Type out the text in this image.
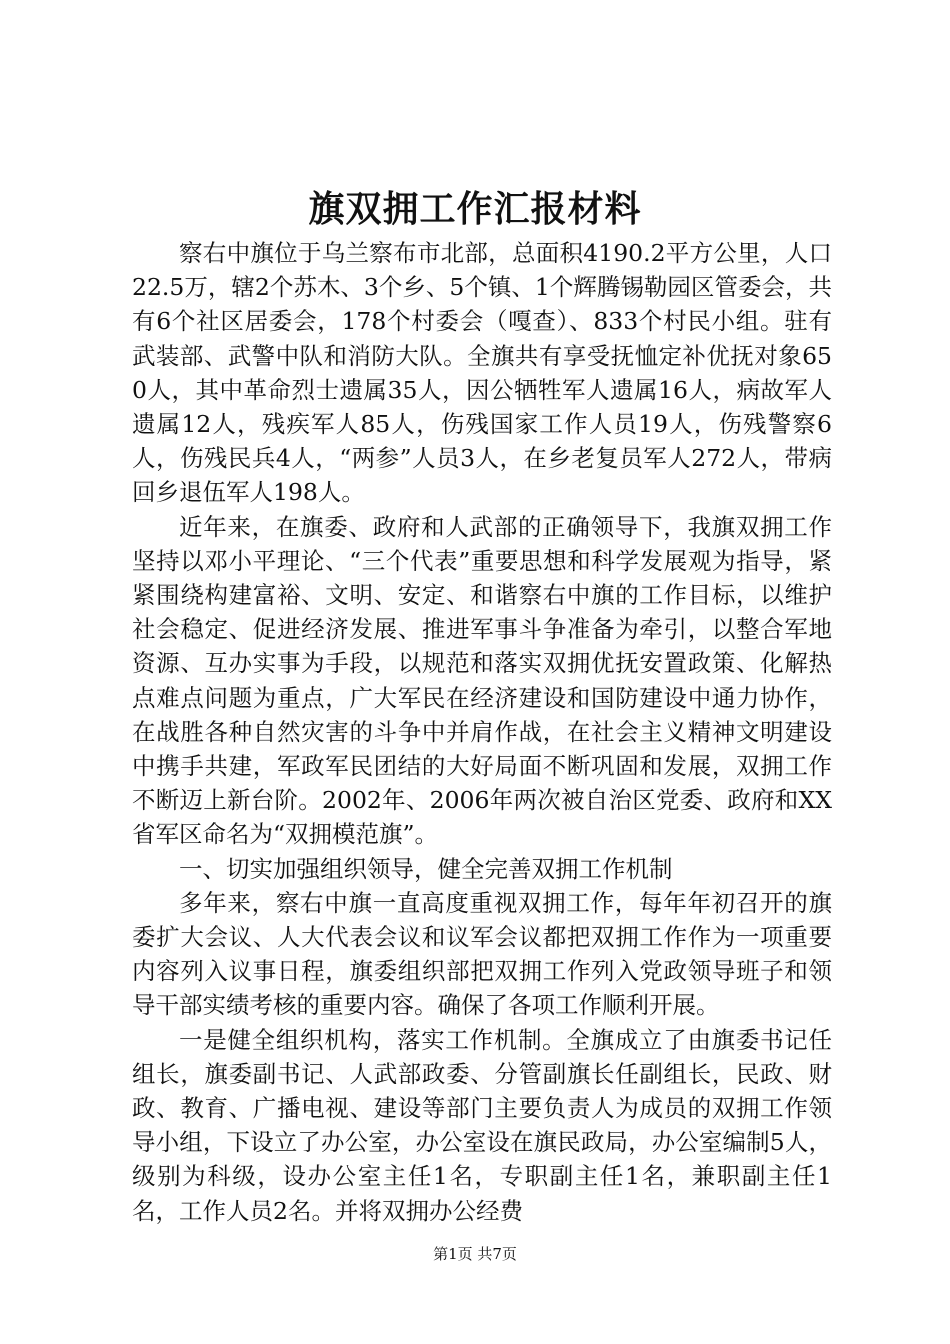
旗双拥工作汇报材料

察右中旗位于乌兰察布市北部，总面积4190.2平方公里，人口22.5万，辖2个苏木、3个乡、5个镇、1个辉腾锡勒园区管委会，共有6个社区居委会，178个村委会（嘎查）、833个村民小组。驻有武装部、武警中队和消防大队。全旗共有享受抚恤定补优抚对象650人，其中革命烈士遗属35人，因公牺牲军人遗属16人，病故军人遗属12人，残疾军人85人，伤残国家工作人员19人，伤残警察6人，伤残民兵4人，“两参”人员3人，在乡老复员军人272人，带病回乡退伍军人198人。

近年来，在旗委、政府和人武部的正确领导下，我旗双拥工作坚持以邓小平理论、“三个代表”重要思想和科学发展观为指导，紧紧围绕构建富裕、文明、安定、和谐察右中旗的工作目标，以维护社会稳定、促进经济发展、推进军事斗争准备为牵引，以整合军地资源、互办实事为手段，以规范和落实双拥优抚安置政策、化解热点难点问题为重点，广大军民在经济建设和国防建设中通力协作，在战胜各种自然灾害的斗争中并肩作战，在社会主义精神文明建设中携手共建，军政军民团结的大好局面不断巩固和发展，双拥工作不断迈上新台阶。2002年、2006年两次被自治区党委、政府和XX省军区命名为“双拥模范旗”。

一、切实加强组织领导，健全完善双拥工作机制

多年来，察右中旗一直高度重视双拥工作，每年年初召开的旗委扩大会议、人大代表会议和议军会议都把双拥工作作为一项重要内容列入议事日程，旗委组织部把双拥工作列入党政领导班子和领导干部实绩考核的重要内容。确保了各项工作顺利开展。

一是健全组织机构，落实工作机制。全旗成立了由旗委书记任组长，旗委副书记、人武部政委、分管副旗长任副组长，民政、财政、教育、广播电视、建设等部门主要负责人为成员的双拥工作领导小组，下设立了办公室，办公室设在旗民政局，办公室编制5人，级别为科级，设办公室主任1名，专职副主任1名，兼职副主任1名，工作人员2名。并将双拥办公经费

第1页 共7页
